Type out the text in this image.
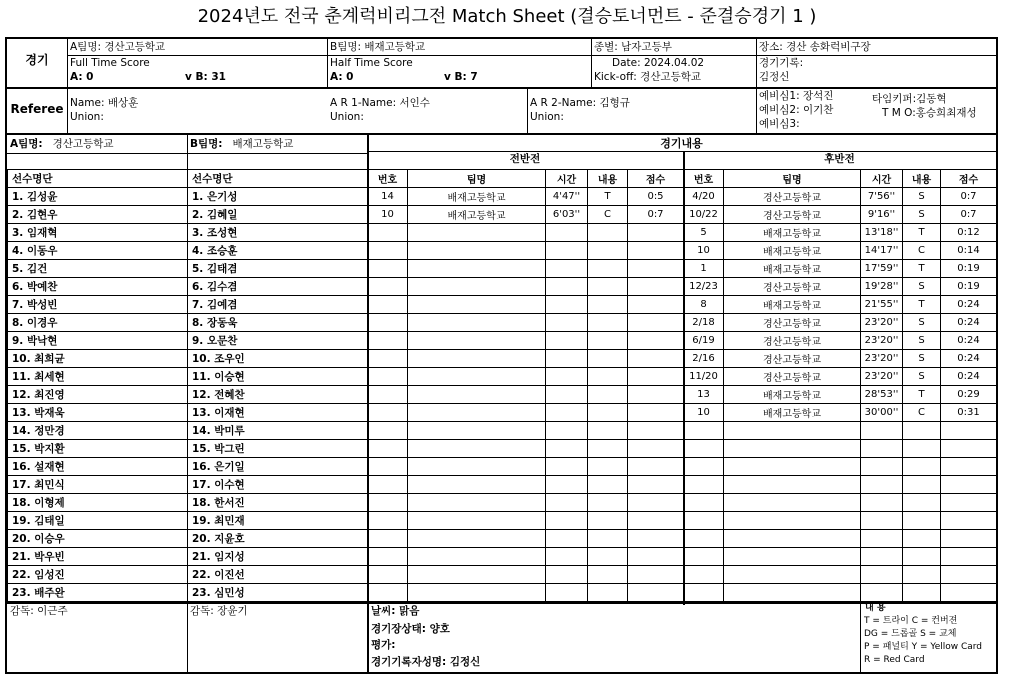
2024년도 전국 춘계럭비리그전 Match Sheet (결승토너먼트 - 준결승경기 1 )
경기
A팀명: 경산고등학교	B팀명: 배재고등학교	종별: 남자고등부	장소: 경산 송화럭비구장
Full Time Score
A: 0	v B: 31
Half Time Score
A: 0	v B: 7
Date: 2024.04.02
Kick-off: 경산고등학교
경기기록:
김정신
Referee Name: 배상훈
Union:
A R 1-Name: 서인수
Union:
A R 2-Name: 김형규
Union:
예비심1: 장석진
예비심2: 이기찬
예비심3:
타임키퍼:김동혁
T M O:홍승희최재성
A팀명: 경산고등학교	B팀명: 배재고등학교
선수명단
1. 김성윤
2. 김현우
3. 임재혁
4. 이동우
5. 김건
6. 박예찬
7. 박성빈
8. 이경우
9. 박낙현
10. 최희균
11. 최세현
12. 최진영
13. 박재욱
14. 정만경
15. 박지환
16. 설재현
17. 최민식
18. 이형제
19. 김태일
20. 이승우
21. 박우빈
22. 임성진
23. 배주완
선수명단
1. 은기성
2. 김혜일
3. 조성현
4. 조승훈
5. 김태겸
6. 김수겸
7. 김예겸
8. 장동욱
9. 오문찬
10. 조우인
11. 이승현
12. 전혜찬
13. 이재현
14. 박미루
15. 박그린
16. 은기일
17. 이수현
18. 한서진
19. 최민재
20. 지윤호
21. 임지성
22. 이진선
23. 심민성
경기내용
전반전	후반전
번호	팀명	시간	내용	점수
14	배재고등학교	4'47''	T	0:5
10	배재고등학교	6'03''	C	0:7

번호	팀명	시간	내용	점수
4/20	경산고등학교	7'56''	S	0:7
10/22	경산고등학교	9'16''	S	0:7
5	배재고등학교	13'18''	T	0:12
10	배재고등학교	14'17''	C	0:14
1	배재고등학교	17'59''	T	0:19
12/23	경산고등학교	19'28''	S	0:19
8	배재고등학교	21'55''	T	0:24
2/18	경산고등학교	23'20''	S	0:24
6/19	경산고등학교	23'20''	S	0:24
2/16	경산고등학교	23'20''	S	0:24
11/20	경산고등학교	23'20''	S	0:24
13	배재고등학교	28'53''	T	0:29
10	배재고등학교	30'00''	C	0:31

감독: 이근주	감독: 장윤기	날씨: 맑음
경기장상태: 양호
평가:
경기기록자성명: 김정신
내 용
T = 트라이 C = 컨버젼
DG = 드롭골 S = 교체
P = 패널티 Y = Yellow Card
R = Red Card
